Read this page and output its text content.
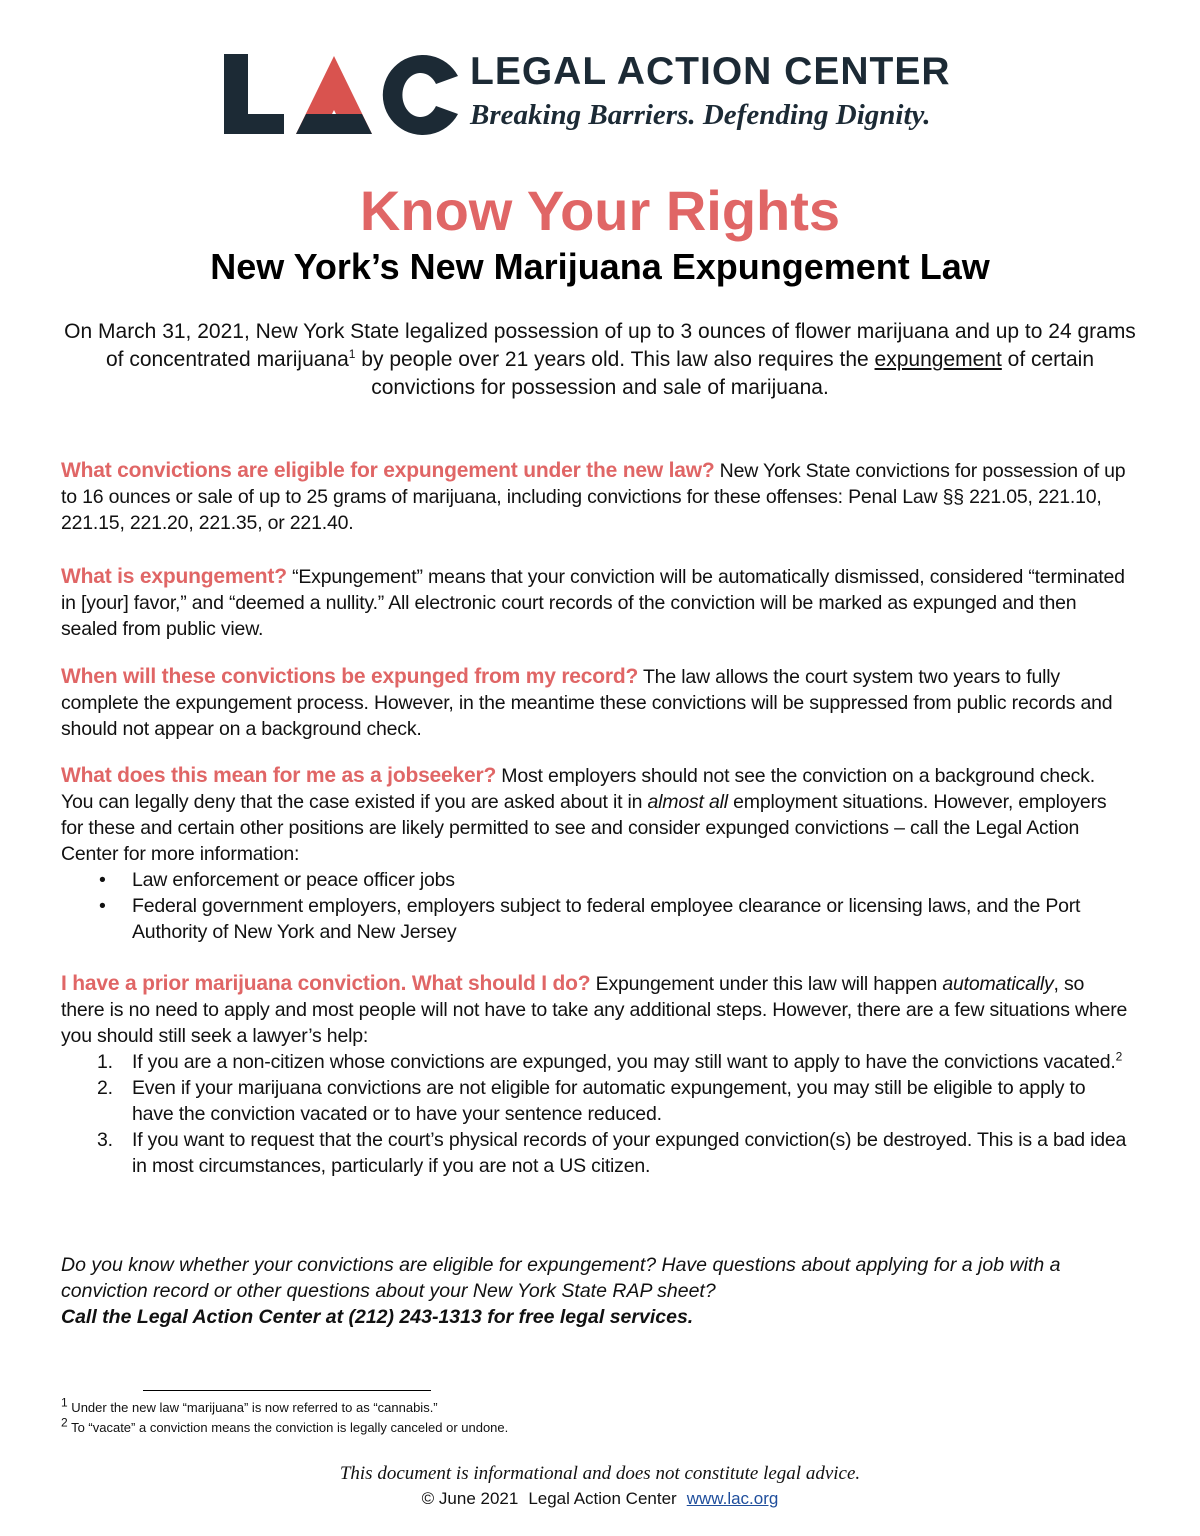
LEGAL ACTION CENTER
Breaking Barriers. Defending Dignity.
Know Your Rights
New York’s New Marijuana Expungement Law
On March 31, 2021, New York State legalized possession of up to 3 ounces of flower marijuana and up to 24 grams of concentrated marijuana$^1$ by people over 21 years old. This law also requires the expungement of certain convictions for possession and sale of marijuana.
What convictions are eligible for expungement under the new law? New York State convictions for possession of up to 16 ounces or sale of up to 25 grams of marijuana, including convictions for these offenses: Penal Law §§ 221.05, 221.10, 221.15, 221.20, 221.35, or 221.40.
What is expungement? “Expungement” means that your conviction will be automatically dismissed, considered “terminated in [your] favor,” and “deemed a nullity.” All electronic court records of the conviction will be marked as expunged and then sealed from public view.
When will these convictions be expunged from my record? The law allows the court system two years to fully complete the expungement process. However, in the meantime these convictions will be suppressed from public records and should not appear on a background check.
What does this mean for me as a jobseeker? Most employers should not see the conviction on a background check. You can legally deny that the case existed if you are asked about it in almost all employment situations. However, employers for these and certain other positions are likely permitted to see and consider expunged convictions – call the Legal Action Center for more information:
• Law enforcement or peace officer jobs
• Federal government employers, employers subject to federal employee clearance or licensing laws, and the Port Authority of New York and New Jersey
I have a prior marijuana conviction. What should I do? Expungement under this law will happen automatically, so there is no need to apply and most people will not have to take any additional steps. However, there are a few situations where you should still seek a lawyer’s help:
1. If you are a non-citizen whose convictions are expunged, you may still want to apply to have the convictions vacated.$^2$
2. Even if your marijuana convictions are not eligible for automatic expungement, you may still be eligible to apply to have the conviction vacated or to have your sentence reduced.
3. If you want to request that the court’s physical records of your expunged conviction(s) be destroyed. This is a bad idea in most circumstances, particularly if you are not a US citizen.
Do you know whether your convictions are eligible for expungement? Have questions about applying for a job with a conviction record or other questions about your New York State RAP sheet?
Call the Legal Action Center at (212) 243-1313 for free legal services.
$^1$ Under the new law “marijuana” is now referred to as “cannabis.”
$^2$ To “vacate” a conviction means the conviction is legally canceled or undone.
This document is informational and does not constitute legal advice.
© June 2021 Legal Action Center www.lac.org
